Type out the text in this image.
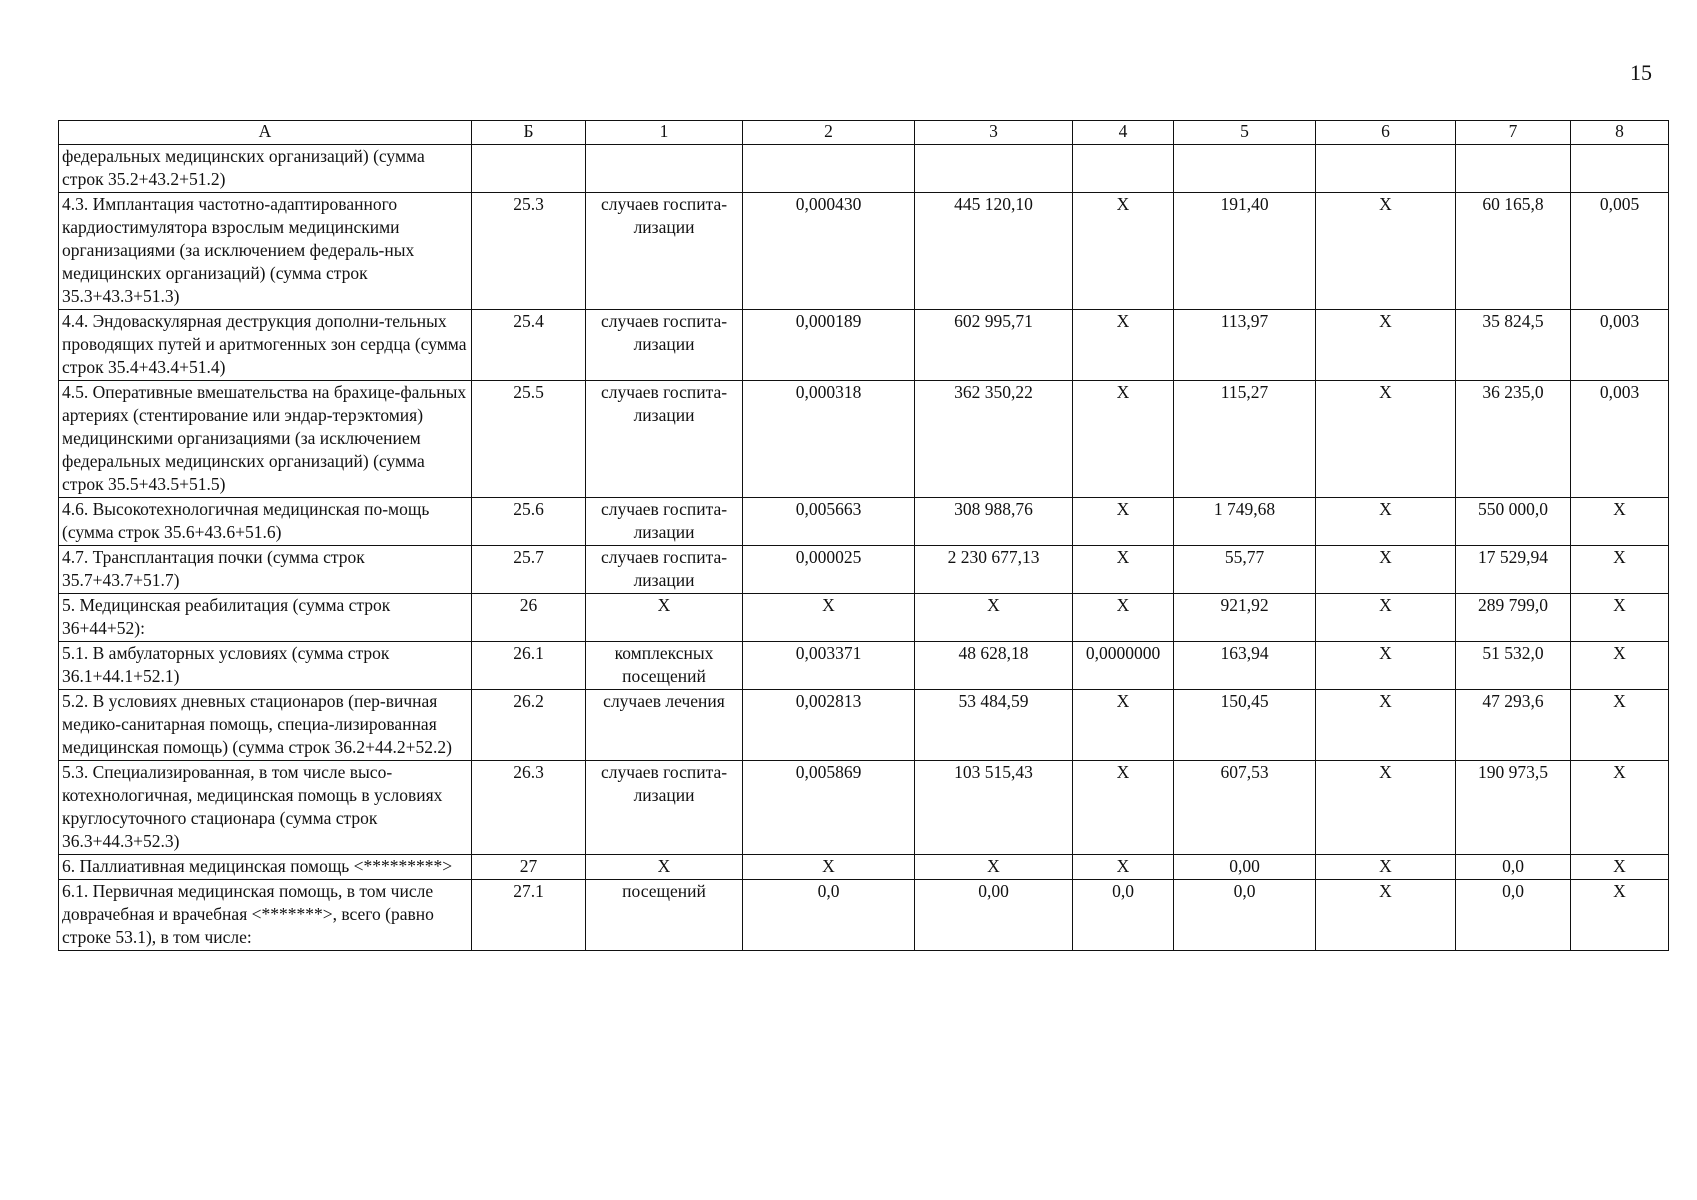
15
А	Б	1	2	3	4	5	6	7	8
федеральных медицинских организаций) (сумма строк 35.2+43.2+51.2)									
4.3. Имплантация частотно-адаптированного кардиостимулятора взрослым медицинскими организациями (за исключением федераль-ных медицинских организаций) (сумма строк 35.3+43.3+51.3)	25.3	случаев госпита-лизации	0,000430	445 120,10	Х	191,40	Х	60 165,8	0,005
4.4. Эндоваскулярная деструкция дополни-тельных проводящих путей и аритмогенных зон сердца (сумма строк 35.4+43.4+51.4)	25.4	случаев госпита-лизации	0,000189	602 995,71	Х	113,97	Х	35 824,5	0,003
4.5. Оперативные вмешательства на брахице-фальных артериях (стентирование или эндар-терэктомия) медицинскими организациями (за исключением федеральных медицинских организаций) (сумма строк 35.5+43.5+51.5)	25.5	случаев госпита-лизации	0,000318	362 350,22	Х	115,27	Х	36 235,0	0,003
4.6. Высокотехнологичная медицинская по-мощь (сумма строк 35.6+43.6+51.6)	25.6	случаев госпита-лизации	0,005663	308 988,76	Х	1 749,68	Х	550 000,0	Х
4.7. Трансплантация почки (сумма строк 35.7+43.7+51.7)	25.7	случаев госпита-лизации	0,000025	2 230 677,13	Х	55,77	Х	17 529,94	Х
5. Медицинская реабилитация (сумма строк 36+44+52):	26	Х	Х	Х	Х	921,92	Х	289 799,0	Х
5.1. В амбулаторных условиях (сумма строк 36.1+44.1+52.1)	26.1	комплексных посещений	0,003371	48 628,18	0,0000000	163,94	Х	51 532,0	Х
5.2. В условиях дневных стационаров (пер-вичная медико-санитарная помощь, специа-лизированная медицинская помощь) (сумма строк 36.2+44.2+52.2)	26.2	случаев лечения	0,002813	53 484,59	Х	150,45	Х	47 293,6	Х
5.3. Специализированная, в том числе высо-котехнологичная, медицинская помощь в условиях круглосуточного стационара (сумма строк 36.3+44.3+52.3)	26.3	случаев госпита-лизации	0,005869	103 515,43	Х	607,53	Х	190 973,5	Х
6. Паллиативная медицинская помощь <*********>	27	Х	Х	Х	Х	0,00	Х	0,0	Х
6.1. Первичная медицинская помощь, в том числе доврачебная и врачебная <*******>, всего (равно строке 53.1), в том числе:	27.1	посещений	0,0	0,00	0,0	0,0	Х	0,0	Х
